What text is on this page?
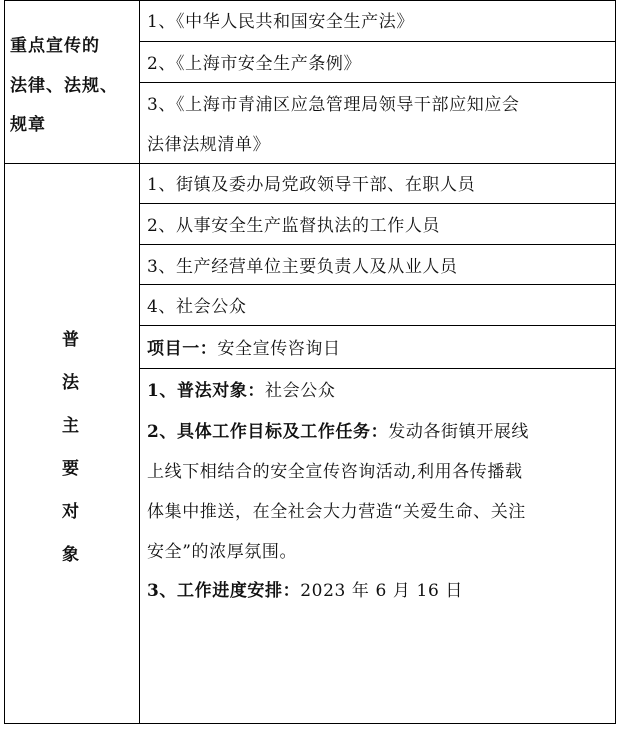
重点宣传的
法律、法规、
规章
1、《中华人民共和国安全生产法》
2、《上海市安全生产条例》
3、《上海市青浦区应急管理局领导干部应知应会
法律法规清单》
普
法
主
要
对
象
1、街镇及委办局党政领导干部、在职人员
2、从事安全生产监督执法的工作人员
3、生产经营单位主要负责人及从业人员
4、社会公众
项目一：安全宣传咨询日
1、普法对象：社会公众
2、具体工作目标及工作任务：发动各街镇开展线
上线下相结合的安全宣传咨询活动,利用各传播载
体集中推送，在全社会大力营造“关爱生命、关注
安全”的浓厚氛围。
3、工作进度安排：2023 年 6 月 16 日
